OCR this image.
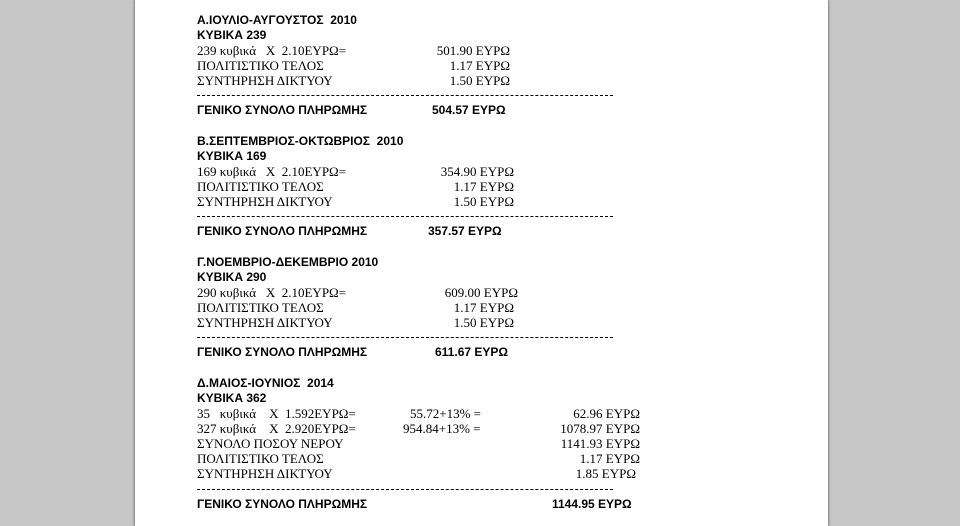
Α.ΙΟΥΛΙΟ-ΑΥΓΟΥΣΤΟΣ  2010
ΚΥΒΙΚΑ 239
239 κυβικά   Χ  2.10ΕΥΡΩ=	501.90 ΕΥΡΩ
ΠΟΛΙΤΙΣΤΙΚΟ ΤΕΛΟΣ	1.17 ΕΥΡΩ
ΣΥΝΤΗΡΗΣΗ ΔΙΚΤΥΟΥ	1.50 ΕΥΡΩ
ΓΕΝΙΚΟ ΣΥΝΟΛΟ ΠΛΗΡΩΜΗΣ	504.57 ΕΥΡΩ
Β.ΣΕΠΤΕΜΒΡΙΟΣ-ΟΚΤΩΒΡΙΟΣ  2010
ΚΥΒΙΚΑ 169
169 κυβικά   Χ  2.10ΕΥΡΩ=	354.90 ΕΥΡΩ
ΠΟΛΙΤΙΣΤΙΚΟ ΤΕΛΟΣ	1.17 ΕΥΡΩ
ΣΥΝΤΗΡΗΣΗ ΔΙΚΤΥΟΥ	1.50 ΕΥΡΩ
ΓΕΝΙΚΟ ΣΥΝΟΛΟ ΠΛΗΡΩΜΗΣ	357.57 ΕΥΡΩ
Γ.ΝΟΕΜΒΡΙΟ-ΔΕΚΕΜΒΡΙΟ 2010
ΚΥΒΙΚΑ 290
290 κυβικά   Χ  2.10ΕΥΡΩ=	609.00 ΕΥΡΩ
ΠΟΛΙΤΙΣΤΙΚΟ ΤΕΛΟΣ	1.17 ΕΥΡΩ
ΣΥΝΤΗΡΗΣΗ ΔΙΚΤΥΟΥ	1.50 ΕΥΡΩ
ΓΕΝΙΚΟ ΣΥΝΟΛΟ ΠΛΗΡΩΜΗΣ	611.67 ΕΥΡΩ
Δ.ΜΑΙΟΣ-ΙΟΥΝΙΟΣ  2014
ΚΥΒΙΚΑ 362
35   κυβικά    Χ  1.592ΕΥΡΩ=	55.72+13% =	62.96 ΕΥΡΩ
327 κυβικά    Χ  2.920ΕΥΡΩ=	954.84+13% =	1078.97 ΕΥΡΩ
ΣΥΝΟΛΟ ΠΟΣΟΥ ΝΕΡΟΥ	1141.93 ΕΥΡΩ
ΠΟΛΙΤΙΣΤΙΚΟ ΤΕΛΟΣ	1.17 ΕΥΡΩ
ΣΥΝΤΗΡΗΣΗ ΔΙΚΤΥΟΥ	1.85 ΕΥΡΩ
ΓΕΝΙΚΟ ΣΥΝΟΛΟ ΠΛΗΡΩΜΗΣ	1144.95 ΕΥΡΩ
